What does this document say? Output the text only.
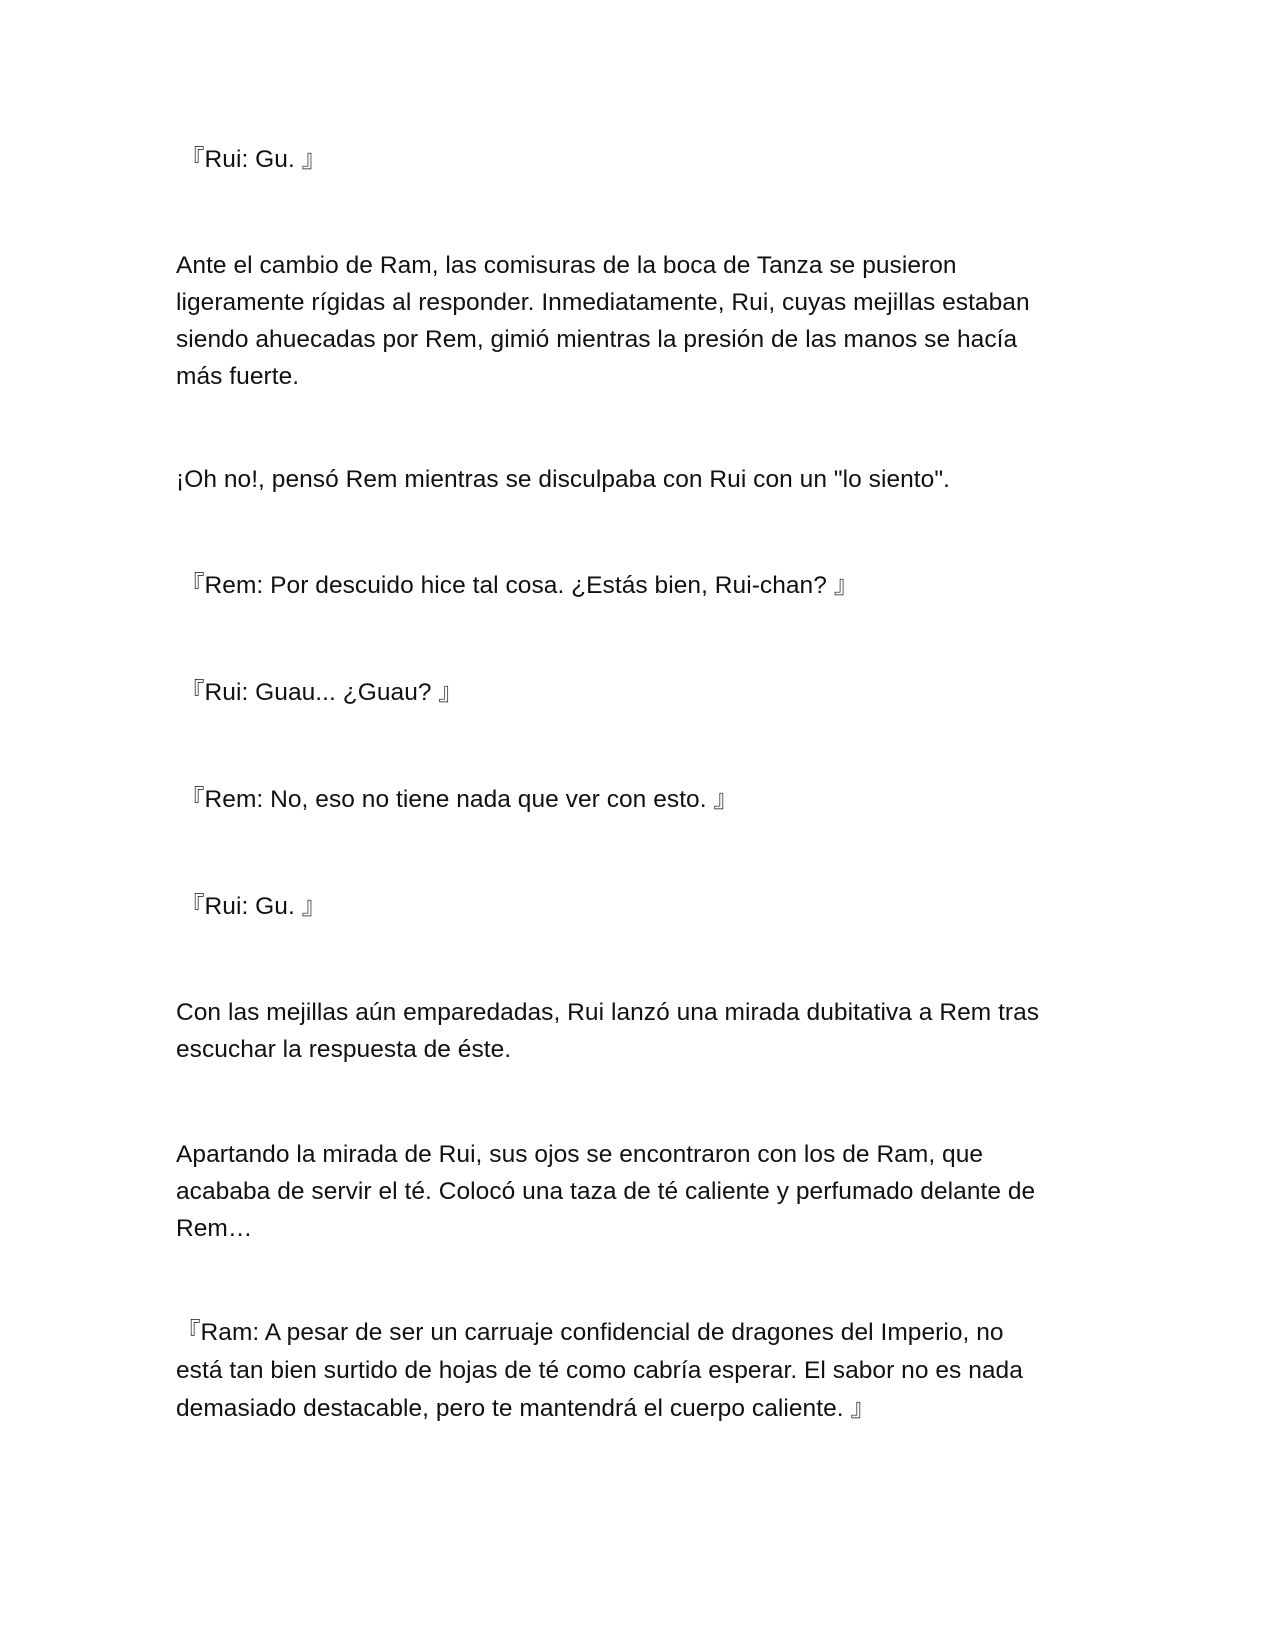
『Rui: Gu. 』

Ante el cambio de Ram, las comisuras de la boca de Tanza se pusieron ligeramente rígidas al responder. Inmediatamente, Rui, cuyas mejillas estaban siendo ahuecadas por Rem, gimió mientras la presión de las manos se hacía más fuerte.

¡Oh no!, pensó Rem mientras se disculpaba con Rui con un "lo siento".

『Rem: Por descuido hice tal cosa. ¿Estás bien, Rui-chan? 』

『Rui: Guau... ¿Guau? 』

『Rem: No, eso no tiene nada que ver con esto. 』

『Rui: Gu. 』

Con las mejillas aún emparedadas, Rui lanzó una mirada dubitativa a Rem tras escuchar la respuesta de éste.

Apartando la mirada de Rui, sus ojos se encontraron con los de Ram, que acababa de servir el té. Colocó una taza de té caliente y perfumado delante de Rem…

『Ram: A pesar de ser un carruaje confidencial de dragones del Imperio, no está tan bien surtido de hojas de té como cabría esperar. El sabor no es nada demasiado destacable, pero te mantendrá el cuerpo caliente. 』
